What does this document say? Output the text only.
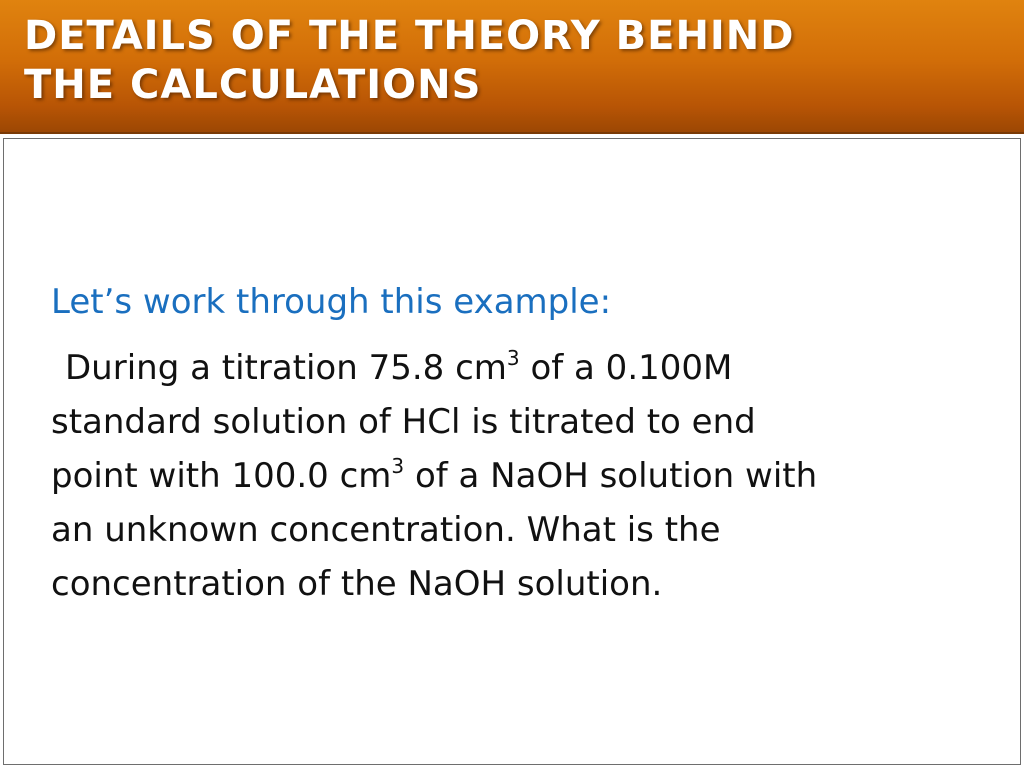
DETAILS OF THE THEORY BEHIND
THE CALCULATIONS

Let’s work through this example:

During a titration 75.8 $cm^3$ of a 0.100M
standard solution of HCl is titrated to end
point with 100.0 $cm^3$ of a NaOH solution with
an unknown concentration. What is the
concentration of the NaOH solution.
